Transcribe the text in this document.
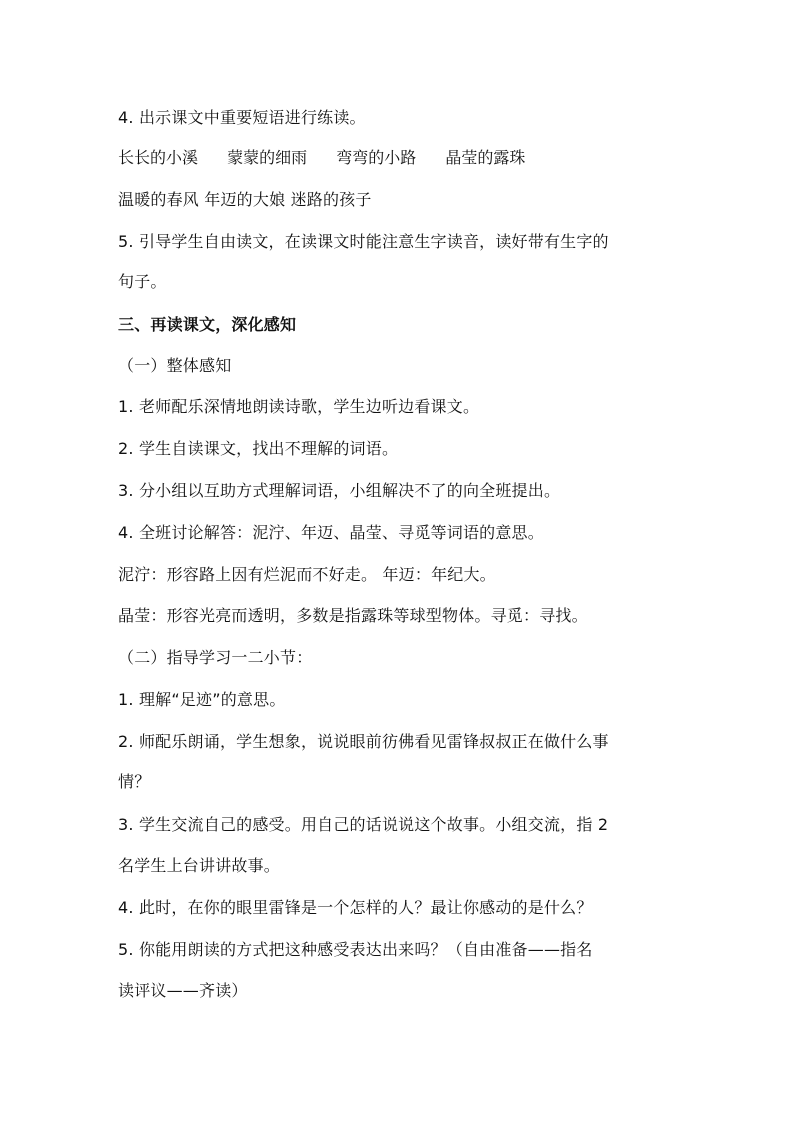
4. 出示课文中重要短语进行练读。
长长的小溪 蒙蒙的细雨 弯弯的小路 晶莹的露珠
温暖的春风 年迈的大娘 迷路的孩子
5. 引导学生自由读文，在读课文时能注意生字读音，读好带有生字的
句子。
三、再读课文，深化感知
（一）整体感知
1. 老师配乐深情地朗读诗歌，学生边听边看课文。
2. 学生自读课文，找出不理解的词语。
3. 分小组以互助方式理解词语，小组解决不了的向全班提出。
4. 全班讨论解答：泥泞、年迈、晶莹、寻觅等词语的意思。
泥泞：形容路上因有烂泥而不好走。 年迈：年纪大。
晶莹：形容光亮而透明，多数是指露珠等球型物体。寻觅：寻找。
（二）指导学习一二小节：
1. 理解“足迹”的意思。
2. 师配乐朗诵，学生想象，说说眼前彷佛看见雷锋叔叔正在做什么事
情？
3. 学生交流自己的感受。用自己的话说说这个故事。小组交流，指 2
名学生上台讲讲故事。
4. 此时，在你的眼里雷锋是一个怎样的人？最让你感动的是什么？
5. 你能用朗读的方式把这种感受表达出来吗？（自由准备——指名
读评议——齐读）
